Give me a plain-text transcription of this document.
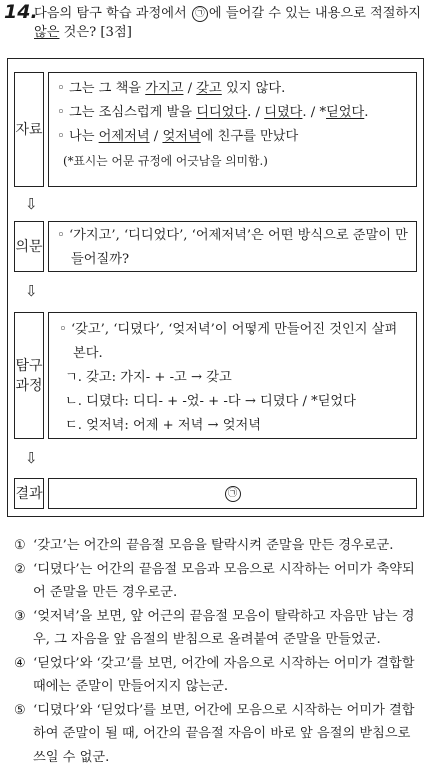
14.
다음의 탐구 학습 과정에서 ㉠ 에 들어갈 수 있는 내용으로 적절하지
않은 것은? [3점]
자료
◦ 그는 그 책을 가지고 / 갖고 있지 않다.
◦ 그는 조심스럽게 발을 디디었다. / 디뎠다. / *딛었다.
◦ 나는 어제저녁 / 엊저녁에 친구를 만났다
(*표시는 어문 규정에 어긋남을 의미함.)
⇩
의문
◦ ‘가지고’, ‘디디었다’, ‘어제저녁’은 어떤 방식으로 준말이 만들어질까?
⇩
탐구
과정
◦ ‘갖고’, ‘디뎠다’, ‘엊저녁’이 어떻게 만들어진 것인지 살펴본다.
ㄱ. 갖고: 가지- + -고 → 갖고
ㄴ. 디뎠다: 디디- + -었- + -다 → 디뎠다 / *딛었다
ㄷ. 엊저녁: 어제 + 저녁 → 엊저녁
⇩
결과	㉠
① ‘갖고’는 어간의 끝음절 모음을 탈락시켜 준말을 만든 경우로군.
② ‘디뎠다’는 어간의 끝음절 모음과 모음으로 시작하는 어미가 축약되어 준말을 만든 경우로군.
③ ‘엊저녁’을 보면, 앞 어근의 끝음절 모음이 탈락하고 자음만 남는 경우, 그 자음을 앞 음절의 받침으로 올려붙여 준말을 만들었군.
④ ‘딛었다’와 ‘갖고’를 보면, 어간에 자음으로 시작하는 어미가 결합할 때에는 준말이 만들어지지 않는군.
⑤ ‘디뎠다’와 ‘딛었다’를 보면, 어간에 모음으로 시작하는 어미가 결합하여 준말이 될 때, 어간의 끝음절 자음이 바로 앞 음절의 받침으로 쓰일 수 없군.
